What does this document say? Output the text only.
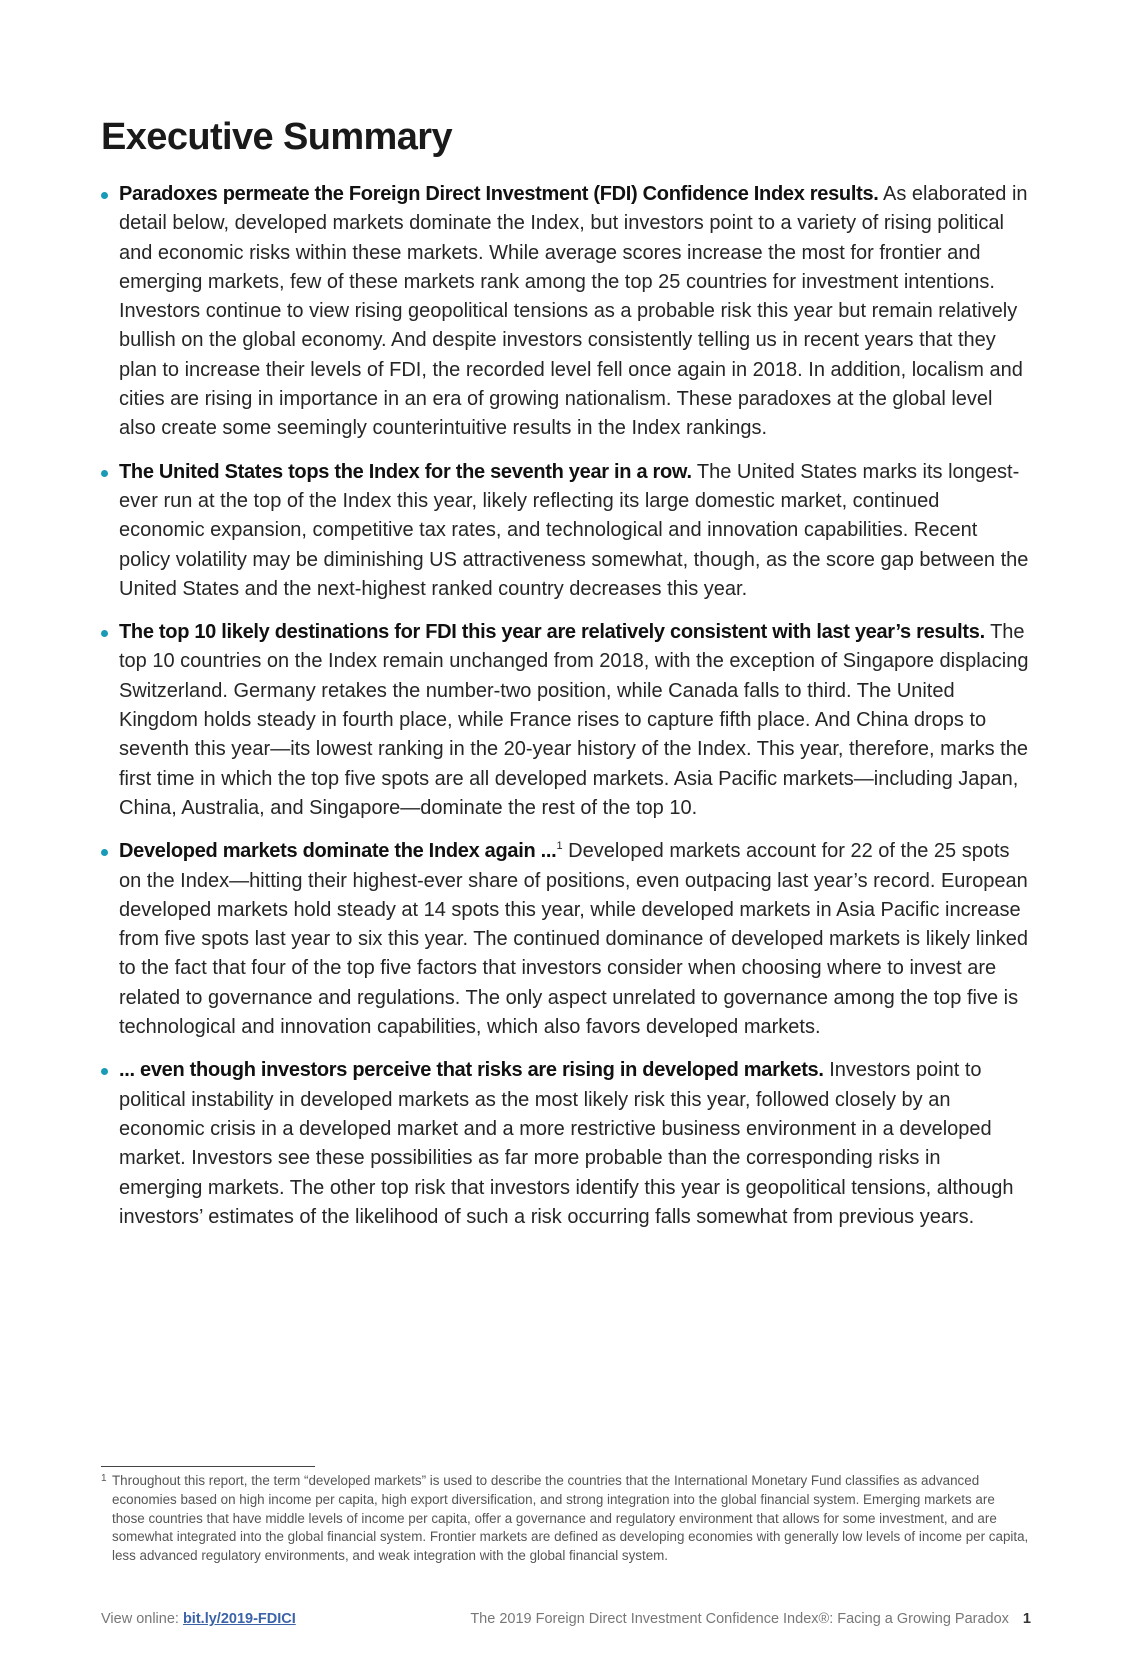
Executive Summary
Paradoxes permeate the Foreign Direct Investment (FDI) Confidence Index results. As elaborated in detail below, developed markets dominate the Index, but investors point to a variety of rising political and economic risks within these markets. While average scores increase the most for frontier and emerging markets, few of these markets rank among the top 25 countries for investment intentions. Investors continue to view rising geopolitical tensions as a probable risk this year but remain relatively bullish on the global economy. And despite investors consistently telling us in recent years that they plan to increase their levels of FDI, the recorded level fell once again in 2018. In addition, localism and cities are rising in importance in an era of growing nationalism. These paradoxes at the global level also create some seemingly counterintuitive results in the Index rankings.
The United States tops the Index for the seventh year in a row. The United States marks its longest-ever run at the top of the Index this year, likely reflecting its large domestic market, continued economic expansion, competitive tax rates, and technological and innovation capabilities. Recent policy volatility may be diminishing US attractiveness somewhat, though, as the score gap between the United States and the next-highest ranked country decreases this year.
The top 10 likely destinations for FDI this year are relatively consistent with last year’s results. The top 10 countries on the Index remain unchanged from 2018, with the exception of Singapore displacing Switzerland. Germany retakes the number-two position, while Canada falls to third. The United Kingdom holds steady in fourth place, while France rises to capture fifth place. And China drops to seventh this year—its lowest ranking in the 20-year history of the Index. This year, therefore, marks the first time in which the top five spots are all developed markets. Asia Pacific markets—including Japan, China, Australia, and Singapore—dominate the rest of the top 10.
Developed markets dominate the Index again ...$^1$ Developed markets account for 22 of the 25 spots on the Index—hitting their highest-ever share of positions, even outpacing last year’s record. European developed markets hold steady at 14 spots this year, while developed markets in Asia Pacific increase from five spots last year to six this year. The continued dominance of developed markets is likely linked to the fact that four of the top five factors that investors consider when choosing where to invest are related to governance and regulations. The only aspect unrelated to governance among the top five is technological and innovation capabilities, which also favors developed markets.
... even though investors perceive that risks are rising in developed markets. Investors point to political instability in developed markets as the most likely risk this year, followed closely by an economic crisis in a developed market and a more restrictive business environment in a developed market. Investors see these possibilities as far more probable than the corresponding risks in emerging markets. The other top risk that investors identify this year is geopolitical tensions, although investors’ estimates of the likelihood of such a risk occurring falls somewhat from previous years.
1 Throughout this report, the term “developed markets” is used to describe the countries that the International Monetary Fund classifies as advanced economies based on high income per capita, high export diversification, and strong integration into the global financial system. Emerging markets are those countries that have middle levels of income per capita, offer a governance and regulatory environment that allows for some investment, and are somewhat integrated into the global financial system. Frontier markets are defined as developing economies with generally low levels of income per capita, less advanced regulatory environments, and weak integration with the global financial system.
View online: bit.ly/2019-FDICI	The 2019 Foreign Direct Investment Confidence Index®: Facing a Growing Paradox 1
